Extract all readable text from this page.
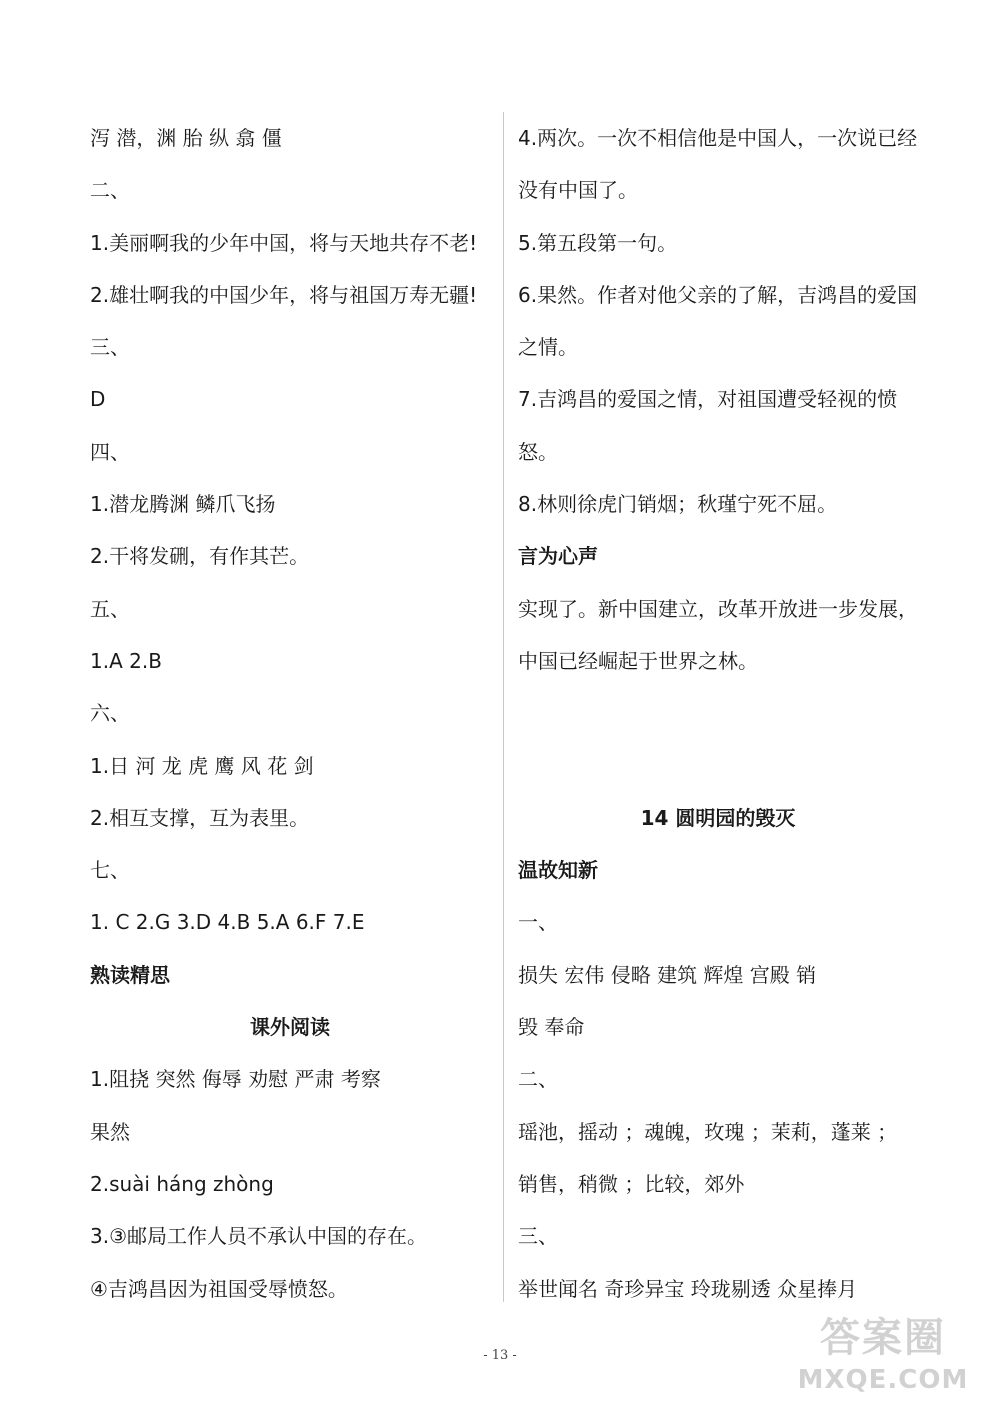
泻 潜，渊 胎 纵 翕 僵
二、
1.美丽啊我的少年中国，将与天地共存不老!
2.雄壮啊我的中国少年，将与祖国万寿无疆!
三、
D
四、
1.潜龙腾渊 鳞爪飞扬
2.干将发硎，有作其芒。
五、
1.A 2.B
六、
1.日 河 龙 虎 鹰 风 花 剑
2.相互支撑，互为表里。
七、
1. C 2.G 3.D 4.B 5.A 6.F 7.E
熟读精思
课外阅读
1.阻挠 突然 侮辱 劝慰 严肃 考察
果然
2.suài háng zhòng
3.③邮局工作人员不承认中国的存在。
④吉鸿昌因为祖国受辱愤怒。
4.两次。一次不相信他是中国人，一次说已经
没有中国了。
5.第五段第一句。
6.果然。作者对他父亲的了解，吉鸿昌的爱国
之情。
7.吉鸿昌的爱国之情，对祖国遭受轻视的愤
怒。
8.林则徐虎门销烟；秋瑾宁死不屈。
言为心声
实现了。新中国建立，改革开放进一步发展，
中国已经崛起于世界之林。
14 圆明园的毁灭
温故知新
一、
损失 宏伟 侵略 建筑 辉煌 宫殿 销
毁 奉命
二、
瑶池，摇动 ；魂魄，玫瑰 ；茉莉，蓬莱 ；
销售，稍微 ；比较，郊外
三、
举世闻名 奇珍异宝 玲珑剔透 众星捧月
- 13 -	答案圈
MXQE.COM
